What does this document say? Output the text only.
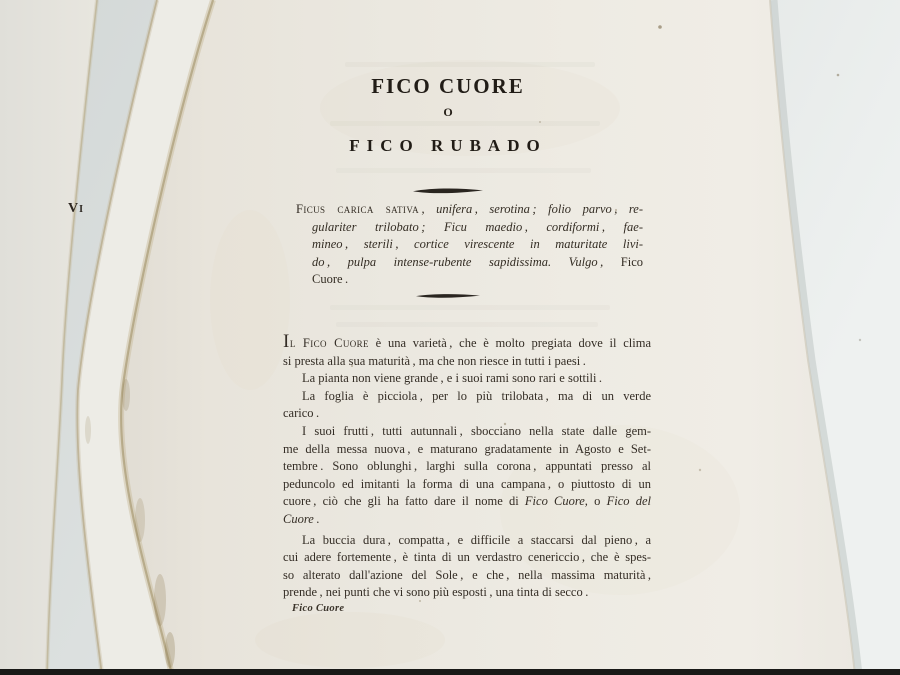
Vi
FICO CUORE
O
FICO RUBADO
Ficus carica sativa , unifera , serotina ; folio parvo , re-
gulariter trilobato ; Ficu maedio , cordiformi , fae-
mineo , sterili , cortice virescente in maturitate livi-
do , pulpa intense-rubente sapidissima. Vulgo , Fico
Cuore .
Il Fico Cuore è una varietà , che è molto pregiata dove il clima
si presta alla sua maturità , ma che non riesce in tutti i paesi .
La pianta non viene grande , e i suoi rami sono rari e sottili .
La foglia è picciola , per lo più trilobata , ma di un verde
carico .
I suoi frutti , tutti autunnali , sbocciano nella state dalle gem-
me della messa nuova , e maturano gradatamente in Agosto e Set-
tembre . Sono oblunghi , larghi sulla corona , appuntati presso al
peduncolo ed imitanti la forma di una campana , o piuttosto di un
cuore , ciò che gli ha fatto dare il nome di Fico Cuore, o Fico del
Cuore .
La buccia dura , compatta , e difficile a staccarsi dal pieno , a
cui adere fortemente , è tinta di un verdastro cenericcio , che è spes-
so alterato dall'azione del Sole , e che , nella massima maturità ,
prende , nei punti che vi sono più esposti , una tinta di secco .
Fico Cuore
